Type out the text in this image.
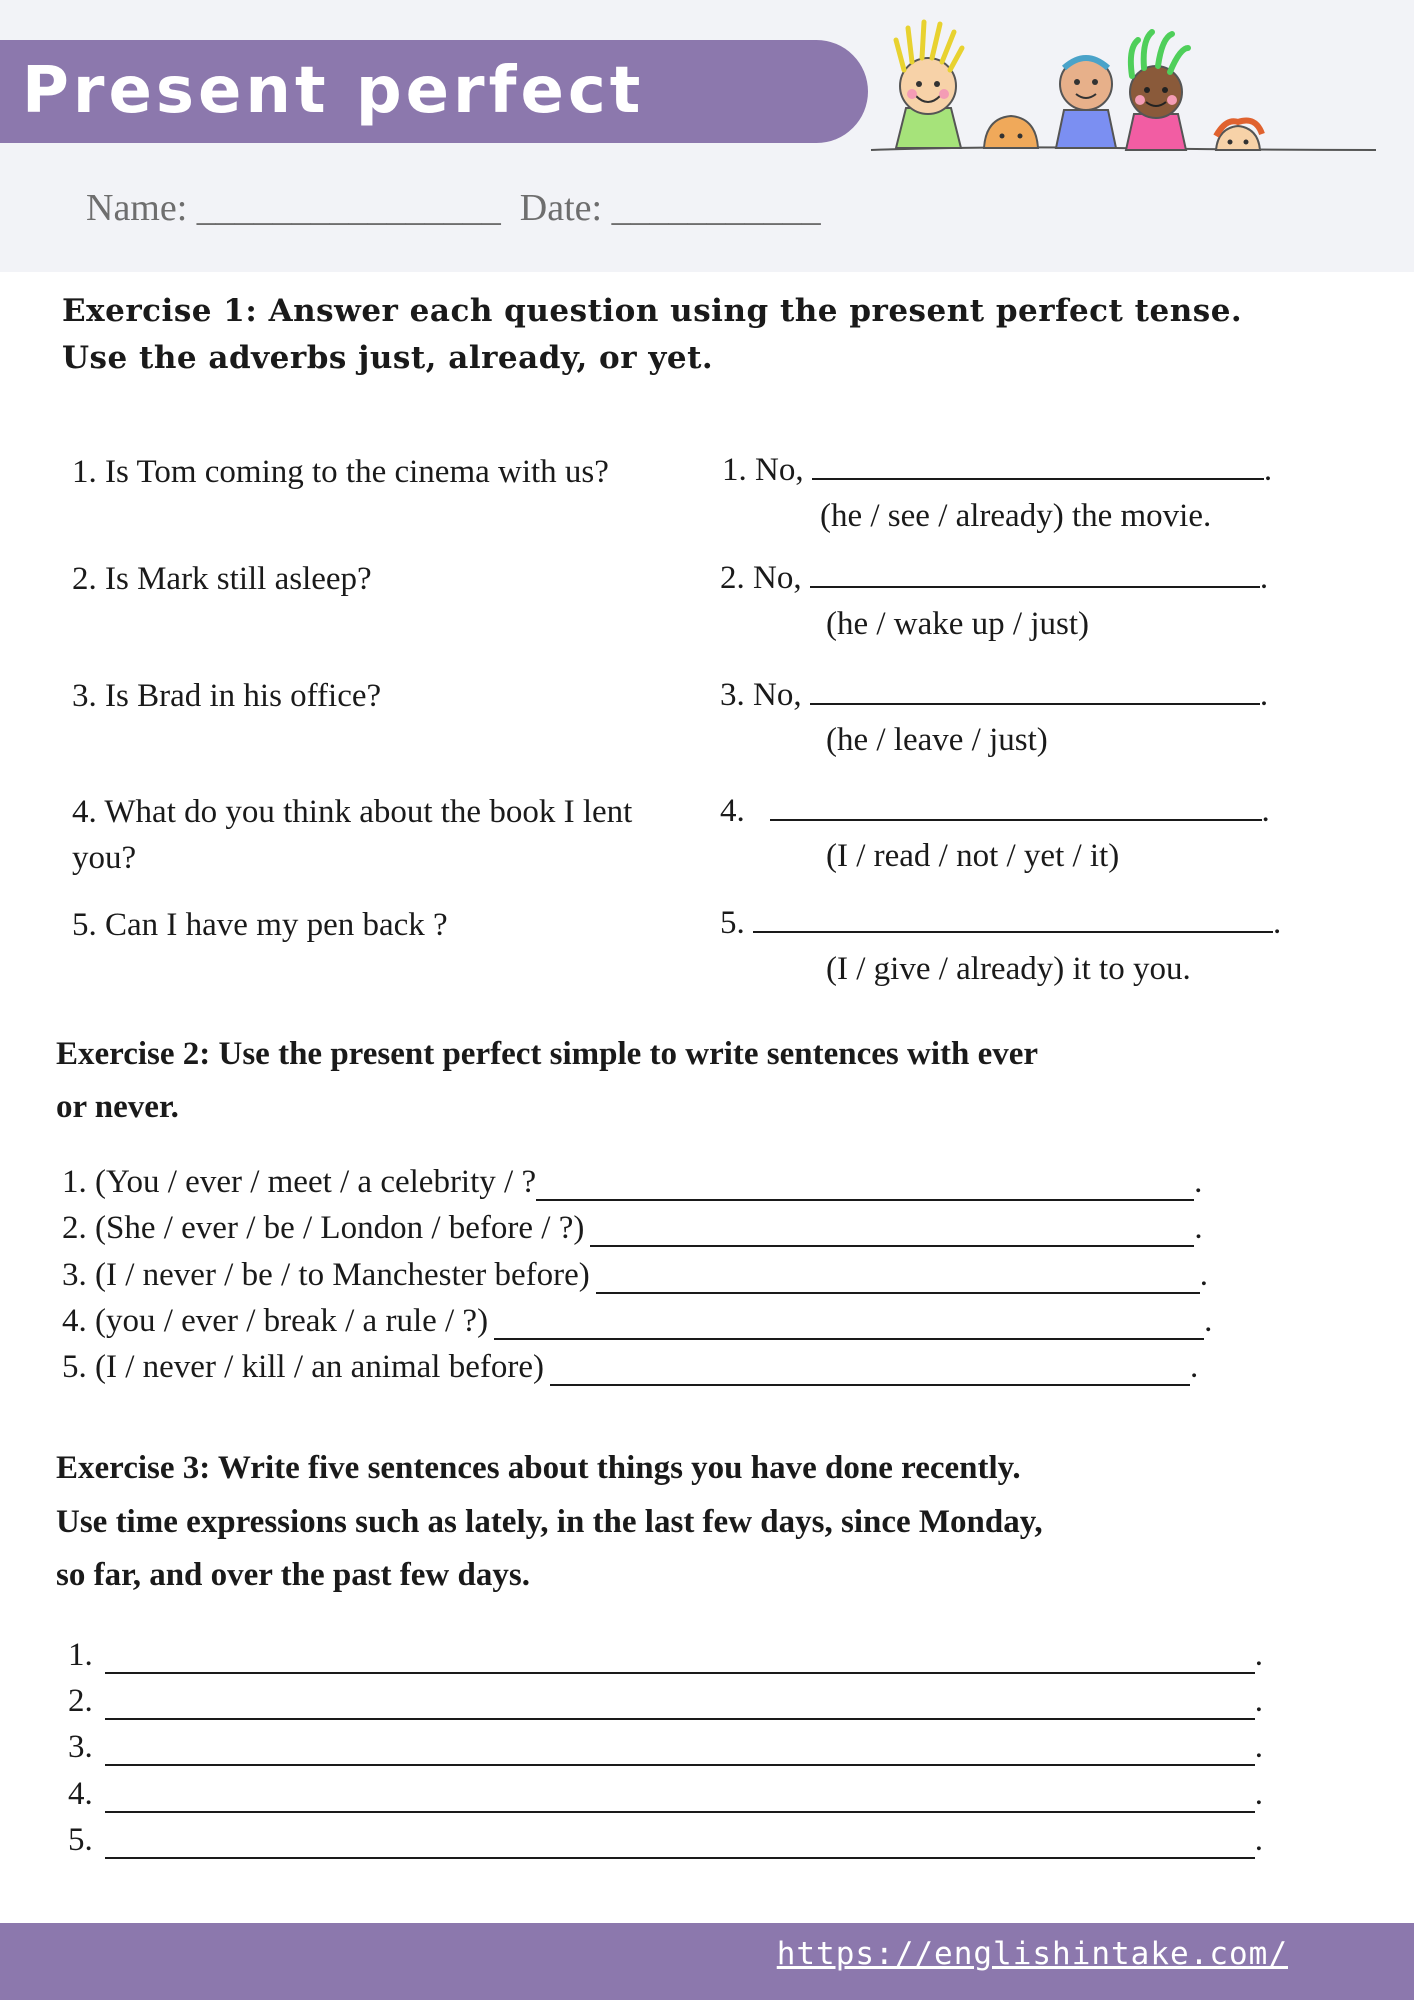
Present perfect
Name: ________________ Date: ___________
Exercise 1: Answer each question using the present perfect tense.
Use the adverbs just, already, or yet.
1. Is Tom coming to the cinema with us?	1. No,	.
(he / see / already) the movie.
2. Is Mark still asleep?	2. No,	.
(he / wake up / just)
3. Is Brad in his office?	3. No,	.
(he / leave / just)
4. What do you think about the book I lent you?
4.	.
(I / read / not / yet / it)
5. Can I have my pen back ?	5.	.
(I / give / already) it to you.
Exercise 2: Use the present perfect simple to write sentences with ever
or never.
1. (You / ever / meet / a celebrity / ?	.
2. (She / ever / be / London / before / ?)	.
3. (I / never / be / to Manchester before)	.
4. (you / ever / break / a rule / ?)	.
5. (I / never / kill / an animal before)	.
Exercise 3: Write five sentences about things you have done recently.
Use time expressions such as lately, in the last few days, since Monday,
so far, and over the past few days.
1.	.
2.	.
3.	.
4.	.
5.	.
https://englishintake.com/
